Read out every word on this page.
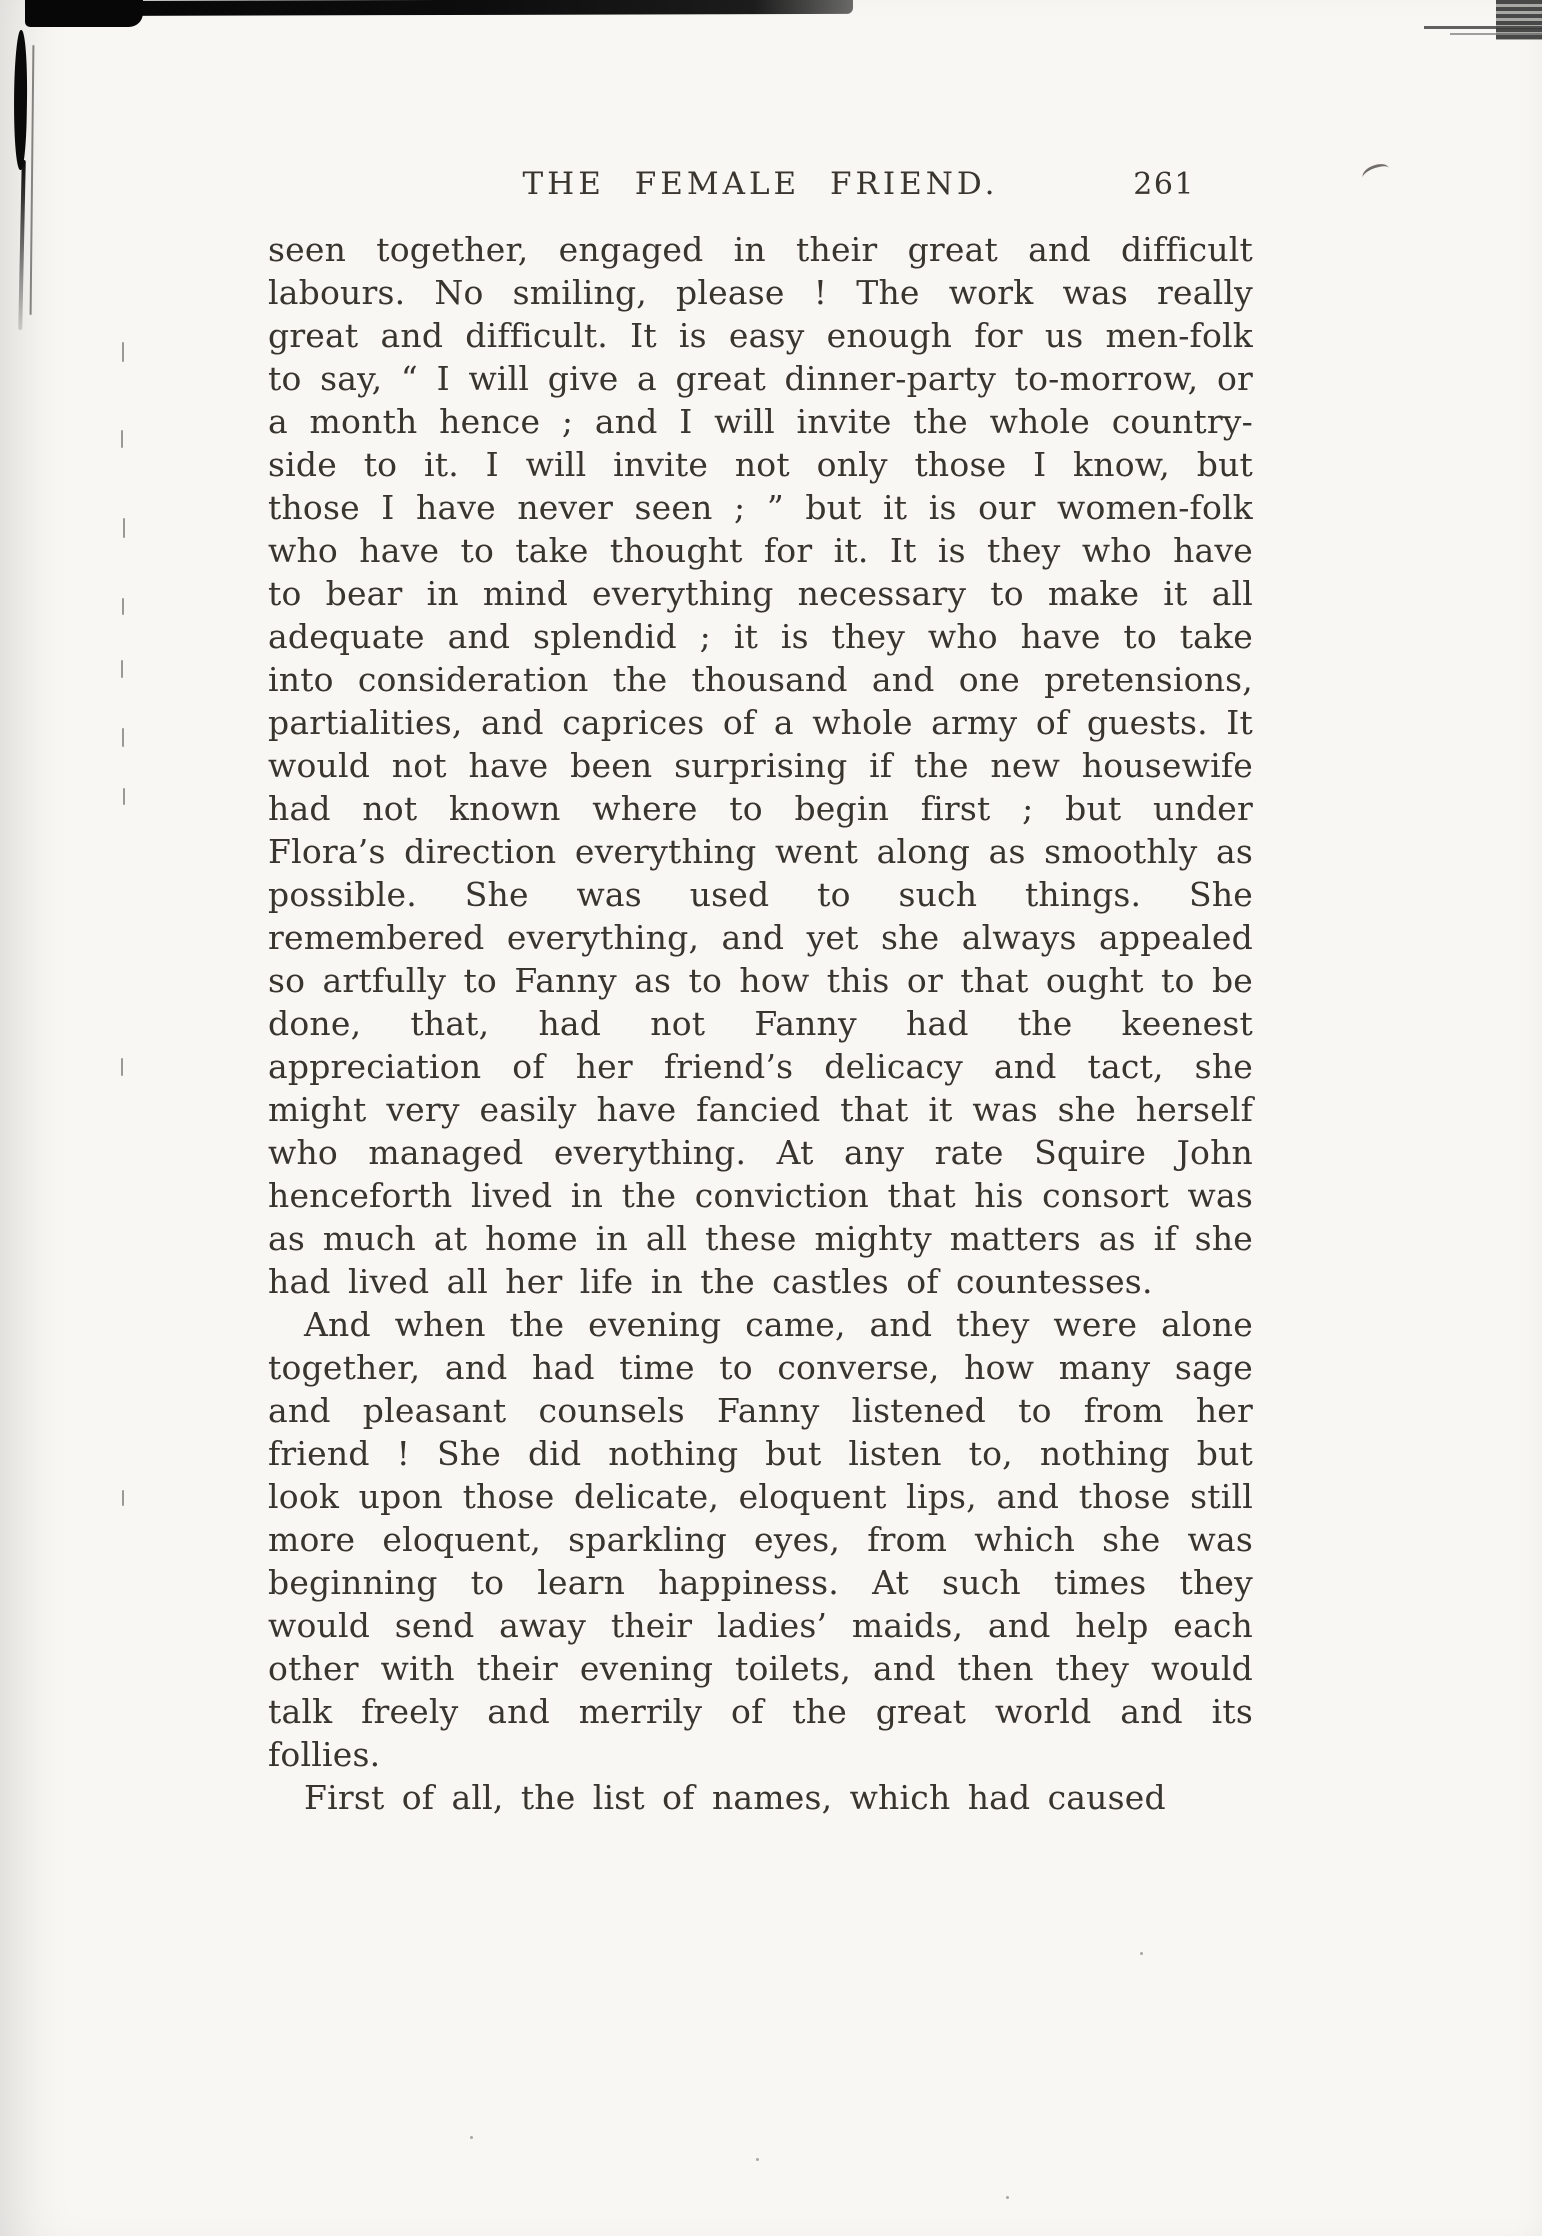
THE FEMALE FRIEND.	261

seen together, engaged in their great and difficult labours. No smiling, please ! The work was really great and difficult. It is easy enough for us men-folk to say, “ I will give a great dinner-party to-morrow, or a month hence ; and I will invite the whole country-side to it. I will invite not only those I know, but those I have never seen ; ” but it is our women-folk who have to take thought for it. It is they who have to bear in mind everything necessary to make it all adequate and splendid ; it is they who have to take into consideration the thousand and one pretensions, partialities, and caprices of a whole army of guests. It would not have been surprising if the new housewife had not known where to begin first ; but under Flora’s direction everything went along as smoothly as possible. She was used to such things. She remembered everything, and yet she always appealed so artfully to Fanny as to how this or that ought to be done, that, had not Fanny had the keenest appreciation of her friend’s delicacy and tact, she might very easily have fancied that it was she herself who managed everything. At any rate Squire John henceforth lived in the conviction that his consort was as much at home in all these mighty matters as if she had lived all her life in the castles of countesses.

And when the evening came, and they were alone together, and had time to converse, how many sage and pleasant counsels Fanny listened to from her friend ! She did nothing but listen to, nothing but look upon those delicate, eloquent lips, and those still more eloquent, sparkling eyes, from which she was beginning to learn happiness. At such times they would send away their ladies’ maids, and help each other with their evening toilets, and then they would talk freely and merrily of the great world and its follies.

First of all, the list of names, which had caused
